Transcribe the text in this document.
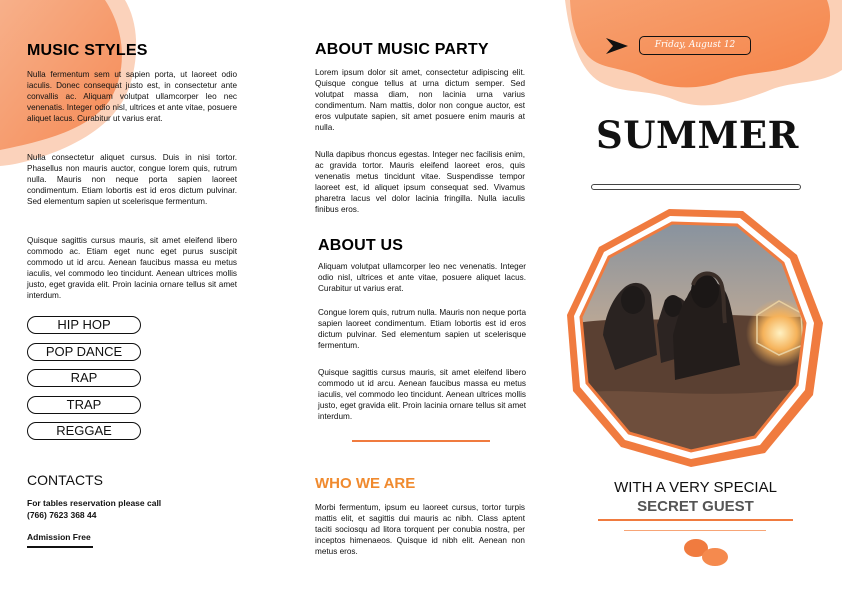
MUSIC STYLES

Nulla fermentum sem ut sapien porta, ut laoreet odio iaculis. Donec consequat justo est, in consectetur ante convallis ac. Aliquam volutpat ullamcorper leo nec venenatis. Integer odio nisl, ultrices et ante vitae, posuere aliquet lacus. Curabitur ut varius erat.

Nulla consectetur aliquet cursus. Duis in nisi tortor. Phasellus non mauris auctor, congue lorem quis, rutrum nulla. Mauris non neque porta sapien laoreet condimentum. Etiam lobortis est id eros dictum pulvinar. Sed elementum sapien ut scelerisque fermentum.

Quisque sagittis cursus mauris, sit amet eleifend libero commodo ac. Etiam eget nunc eget purus suscipit commodo ut id arcu. Aenean faucibus massa eu metus iaculis, vel commodo leo tincidunt. Aenean ultrices mollis justo, eget gravida elit. Proin lacinia ornare tellus sit amet interdum.

HIP HOP
POP DANCE
RAP
TRAP
REGGAE
CONTACTS
For tables reservation please call
(766) 7623 368 44
Admission Free
ABOUT MUSIC PARTY

Lorem ipsum dolor sit amet, consectetur adipiscing elit. Quisque congue tellus at urna dictum semper. Sed volutpat massa diam, non lacinia urna varius condimentum. Nam mattis, dolor non congue auctor, est eros vulputate sapien, sit amet posuere enim mauris at nulla.

Nulla dapibus rhoncus egestas. Integer nec facilisis enim, ac gravida tortor. Mauris eleifend laoreet eros, quis venenatis metus tincidunt vitae. Suspendisse tempor laoreet est, id aliquet ipsum consequat sed. Vivamus pharetra lacus vel dolor lacinia fringilla. Nulla iaculis finibus eros.

ABOUT US

Aliquam volutpat ullamcorper leo nec venenatis. Integer odio nisl, ultrices et ante vitae, posuere aliquet lacus. Curabitur ut varius erat.

Congue lorem quis, rutrum nulla. Mauris non neque porta sapien laoreet condimentum. Etiam lobortis est id eros dictum pulvinar. Sed elementum sapien ut scelerisque fermentum.

Quisque sagittis cursus mauris, sit amet eleifend libero commodo ut id arcu. Aenean faucibus massa eu metus iaculis, vel commodo leo tincidunt. Aenean ultrices mollis justo, eget gravida elit. Proin lacinia ornare tellus sit amet interdum.

WHO WE ARE

Morbi fermentum, ipsum eu laoreet cursus, tortor turpis mattis elit, et sagittis dui mauris ac nibh. Class aptent taciti sociosqu ad litora torquent per conubia nostra, per inceptos himenaeos. Quisque id nibh elit. Aenean non metus eros.

Friday, August 12
SUMMER
WITH A VERY SPECIAL
SECRET GUEST
